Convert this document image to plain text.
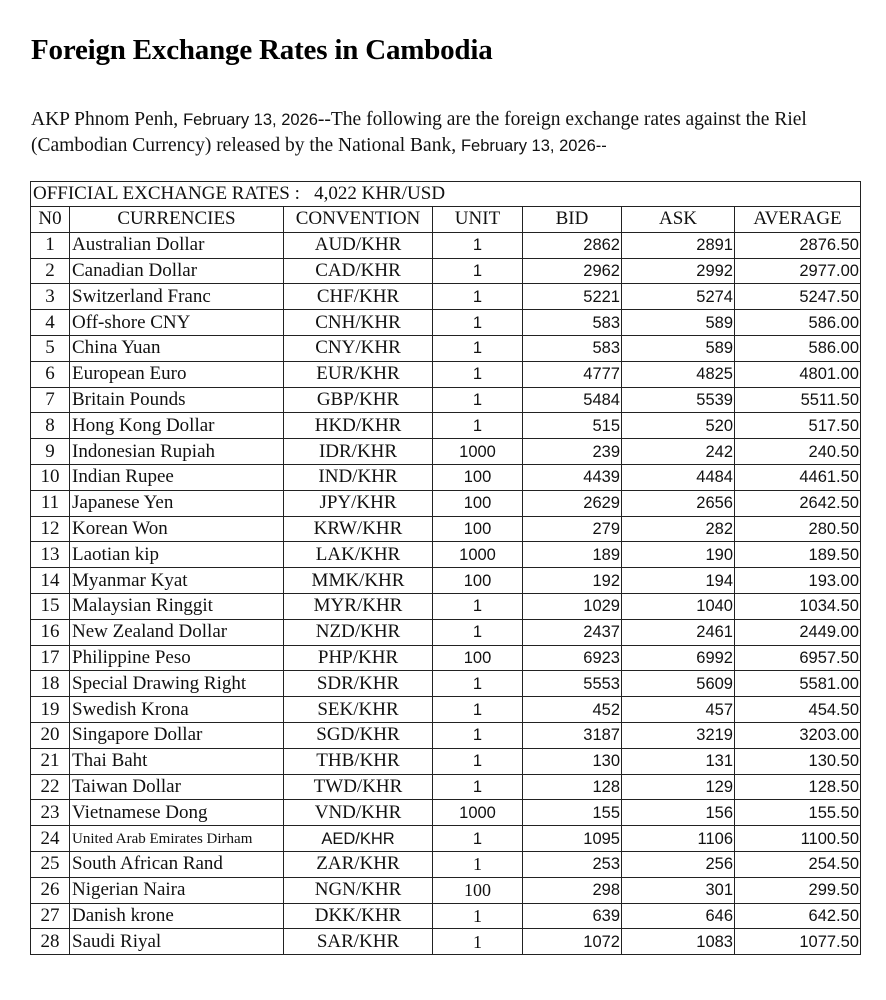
Foreign Exchange Rates in Cambodia

AKP Phnom Penh, February 13, 2026--The following are the foreign exchange rates against the Riel (Cambodian Currency) released by the National Bank, February 13, 2026--

OFFICIAL EXCHANGE RATES :   4,022 KHR/USD						
N0	CURRENCIES	CONVENTION	UNIT	BID	ASK	AVERAGE
1	Australian Dollar	AUD/KHR	1	2862	2891	2876.50
2	Canadian Dollar	CAD/KHR	1	2962	2992	2977.00
3	Switzerland Franc	CHF/KHR	1	5221	5274	5247.50
4	Off-shore CNY	CNH/KHR	1	583	589	586.00
5	China Yuan	CNY/KHR	1	583	589	586.00
6	European Euro	EUR/KHR	1	4777	4825	4801.00
7	Britain Pounds	GBP/KHR	1	5484	5539	5511.50
8	Hong Kong Dollar	HKD/KHR	1	515	520	517.50
9	Indonesian Rupiah	IDR/KHR	1000	239	242	240.50
10	Indian Rupee	IND/KHR	100	4439	4484	4461.50
11	Japanese Yen	JPY/KHR	100	2629	2656	2642.50
12	Korean Won	KRW/KHR	100	279	282	280.50
13	Laotian kip	LAK/KHR	1000	189	190	189.50
14	Myanmar Kyat	MMK/KHR	100	192	194	193.00
15	Malaysian Ringgit	MYR/KHR	1	1029	1040	1034.50
16	New Zealand Dollar	NZD/KHR	1	2437	2461	2449.00
17	Philippine Peso	PHP/KHR	100	6923	6992	6957.50
18	Special Drawing Right	SDR/KHR	1	5553	5609	5581.00
19	Swedish Krona	SEK/KHR	1	452	457	454.50
20	Singapore Dollar	SGD/KHR	1	3187	3219	3203.00
21	Thai Baht	THB/KHR	1	130	131	130.50
22	Taiwan Dollar	TWD/KHR	1	128	129	128.50
23	Vietnamese Dong	VND/KHR	1000	155	156	155.50
24	United Arab Emirates Dirham	AED/KHR	1	1095	1106	1100.50
25	South African Rand	ZAR/KHR	1	253	256	254.50
26	Nigerian Naira	NGN/KHR	100	298	301	299.50
27	Danish krone	DKK/KHR	1	639	646	642.50
28	Saudi Riyal	SAR/KHR	1	1072	1083	1077.50
